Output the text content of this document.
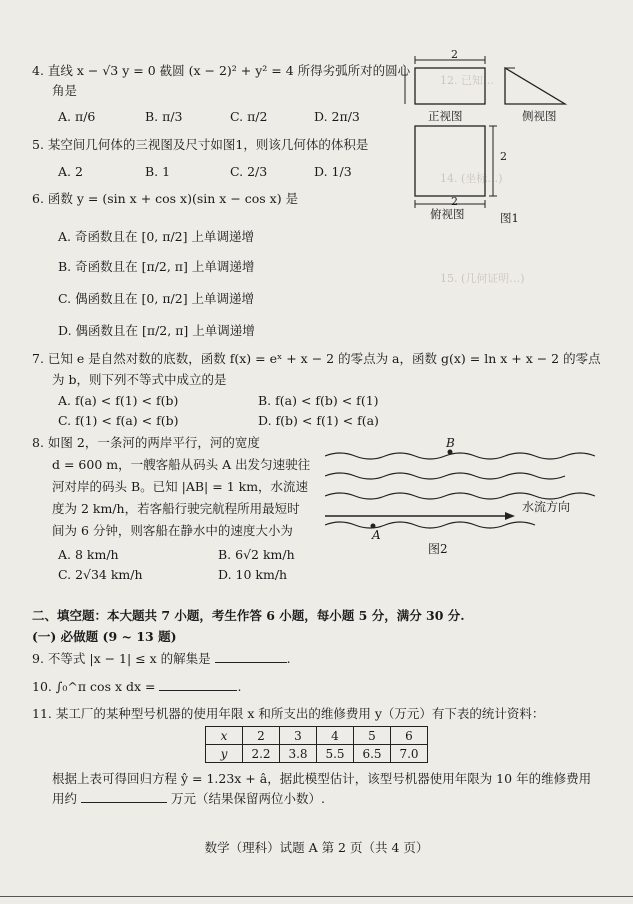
12. 已知…
14. (坐标…)
15. (几何证明…)
4. 直线 x − √3 y = 0 截圆 (x − 2)² + y² = 4 所得劣弧所对的圆心
角是
A. π/6	B. π/3	C. π/2	D. 2π/3
5. 某空间几何体的三视图及尺寸如图1，则该几何体的体积是
A. 2	B. 1	C. 2/3	D. 1/3
2
正视图	侧视图
2
2
俯视图	图1
6. 函数 y = (sin x + cos x)(sin x − cos x) 是
A. 奇函数且在 [0, π/2] 上单调递增
B. 奇函数且在 [π/2, π] 上单调递增
C. 偶函数且在 [0, π/2] 上单调递增
D. 偶函数且在 [π/2, π] 上单调递增
7. 已知 e 是自然对数的底数，函数 f(x) = eˣ + x − 2 的零点为 a，函数 g(x) = ln x + x − 2 的零点
为 b，则下列不等式中成立的是
A. f(a) < f(1) < f(b)	B. f(a) < f(b) < f(1)
C. f(1) < f(a) < f(b)	D. f(b) < f(1) < f(a)
8. 如图 2，一条河的两岸平行，河的宽度
d = 600 m，一艘客船从码头 A 出发匀速驶往
河对岸的码头 B。已知 |AB| = 1 km，水流速
度为 2 km/h，若客船行驶完航程所用最短时
间为 6 分钟，则客船在静水中的速度大小为
A. 8 km/h	B. 6√2 km/h
C. 2√34 km/h	D. 10 km/h
B
水流方向
A
图2
二、填空题：本大题共 7 小题，考生作答 6 小题，每小题 5 分，满分 30 分.
(一) 必做题 (9 ~ 13 题)
9. 不等式 |x − 1| ≤ x 的解集是	.
10. ∫₀^π cos x dx =	.
11. 某工厂的某种型号机器的使用年限 x 和所支出的维修费用 y（万元）有下表的统计资料：
x	2	3	4	5	6
y	2.2	3.8	5.5	6.5	7.0
根据上表可得回归方程 ŷ = 1.23x + â，据此模型估计，该型号机器使用年限为 10 年的维修费用
用约	万元（结果保留两位小数）.
数学（理科）试题 A 第 2 页（共 4 页）
